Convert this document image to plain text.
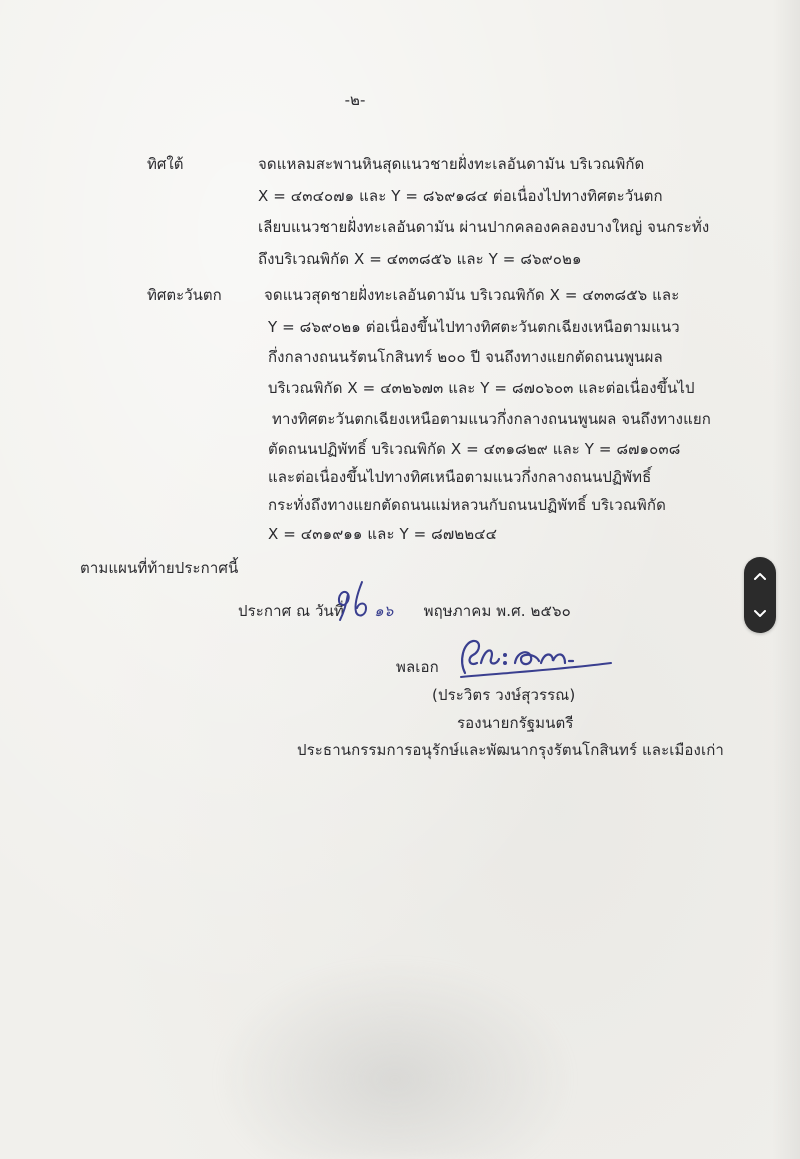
-๒-
ทิศใต้	จดแหลมสะพานหินสุดแนวชายฝั่งทะเลอันดามัน บริเวณพิกัด
X = ๔๓๔๐๗๑ และ Y = ๘๖๙๑๘๔ ต่อเนื่องไปทางทิศตะวันตก
เลียบแนวชายฝั่งทะเลอันดามัน ผ่านปากคลองคลองบางใหญ่ จนกระทั่ง
ถึงบริเวณพิกัด X = ๔๓๓๘๕๖ และ Y = ๘๖๙๐๒๑
ทิศตะวันตก	จดแนวสุดชายฝั่งทะเลอันดามัน บริเวณพิกัด X = ๔๓๓๘๕๖ และ
Y = ๘๖๙๐๒๑ ต่อเนื่องขึ้นไปทางทิศตะวันตกเฉียงเหนือตามแนว
กึ่งกลางถนนรัตนโกสินทร์ ๒๐๐ ปี จนถึงทางแยกตัดถนนพูนผล
บริเวณพิกัด X = ๔๓๒๖๗๓ และ Y = ๘๗๐๖๐๓ และต่อเนื่องขึ้นไป
ทางทิศตะวันตกเฉียงเหนือตามแนวกึ่งกลางถนนพูนผล จนถึงทางแยก
ตัดถนนปฏิพัทธิ์ บริเวณพิกัด X = ๔๓๑๘๒๙ และ Y = ๘๗๑๐๓๘
และต่อเนื่องขึ้นไปทางทิศเหนือตามแนวกึ่งกลางถนนปฏิพัทธิ์
กระทั่งถึงทางแยกตัดถนนแม่หลวนกับถนนปฏิพัทธิ์ บริเวณพิกัด
X = ๔๓๑๙๑๑ และ Y = ๘๗๒๒๔๔
ตามแผนที่ท้ายประกาศนี้
ประกาศ ณ วันที่ ๑๖ พฤษภาคม พ.ศ. ๒๕๖๐
พลเอก
(ประวิตร วงษ์สุวรรณ)
รองนายกรัฐมนตรี
ประธานกรรมการอนุรักษ์และพัฒนากรุงรัตนโกสินทร์ และเมืองเก่า
